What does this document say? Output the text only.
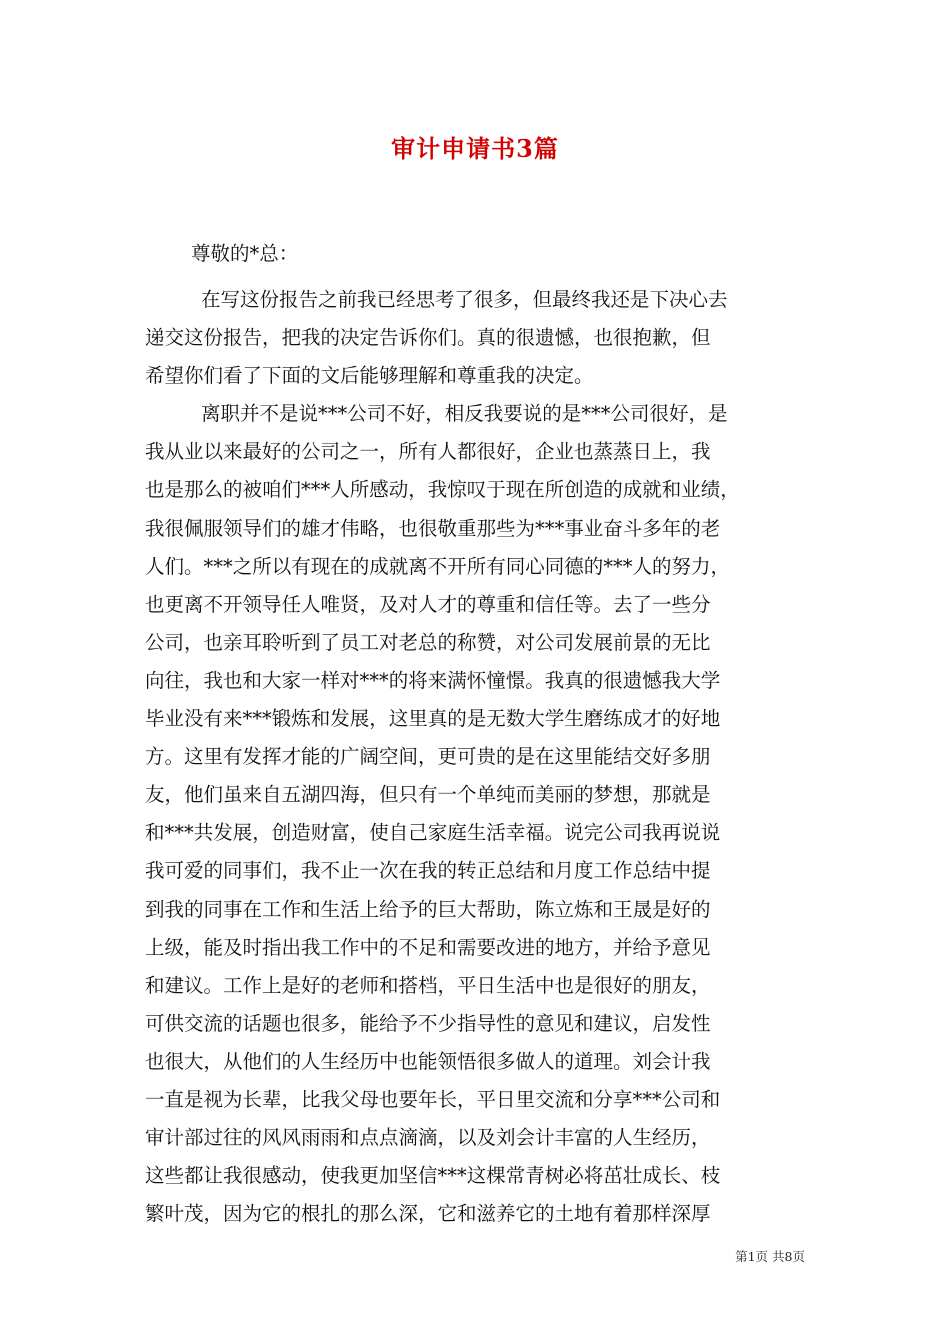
审计申请书3篇
尊敬的*总：
在写这份报告之前我已经思考了很多，但最终我还是下决心去
递交这份报告，把我的决定告诉你们。真的很遗憾，也很抱歉，但
希望你们看了下面的文后能够理解和尊重我的决定。
离职并不是说***公司不好，相反我要说的是***公司很好，是
我从业以来最好的公司之一，所有人都很好，企业也蒸蒸日上，我
也是那么的被咱们***人所感动，我惊叹于现在所创造的成就和业绩，
我很佩服领导们的雄才伟略，也很敬重那些为***事业奋斗多年的老
人们。***之所以有现在的成就离不开所有同心同德的***人的努力，
也更离不开领导任人唯贤，及对人才的尊重和信任等。去了一些分
公司，也亲耳聆听到了员工对老总的称赞，对公司发展前景的无比
向往，我也和大家一样对***的将来满怀憧憬。我真的很遗憾我大学
毕业没有来***锻炼和发展，这里真的是无数大学生磨练成才的好地
方。这里有发挥才能的广阔空间，更可贵的是在这里能结交好多朋
友，他们虽来自五湖四海，但只有一个单纯而美丽的梦想，那就是
和***共发展，创造财富，使自己家庭生活幸福。说完公司我再说说
我可爱的同事们，我不止一次在我的转正总结和月度工作总结中提
到我的同事在工作和生活上给予的巨大帮助，陈立炼和王晟是好的
上级，能及时指出我工作中的不足和需要改进的地方，并给予意见
和建议。工作上是好的老师和搭档，平日生活中也是很好的朋友，
可供交流的话题也很多，能给予不少指导性的意见和建议，启发性
也很大，从他们的人生经历中也能领悟很多做人的道理。刘会计我
一直是视为长辈，比我父母也要年长，平日里交流和分享***公司和
审计部过往的风风雨雨和点点滴滴，以及刘会计丰富的人生经历，
这些都让我很感动，使我更加坚信***这棵常青树必将茁壮成长、枝
繁叶茂，因为它的根扎的那么深，它和滋养它的土地有着那样深厚
第1页 共8页
